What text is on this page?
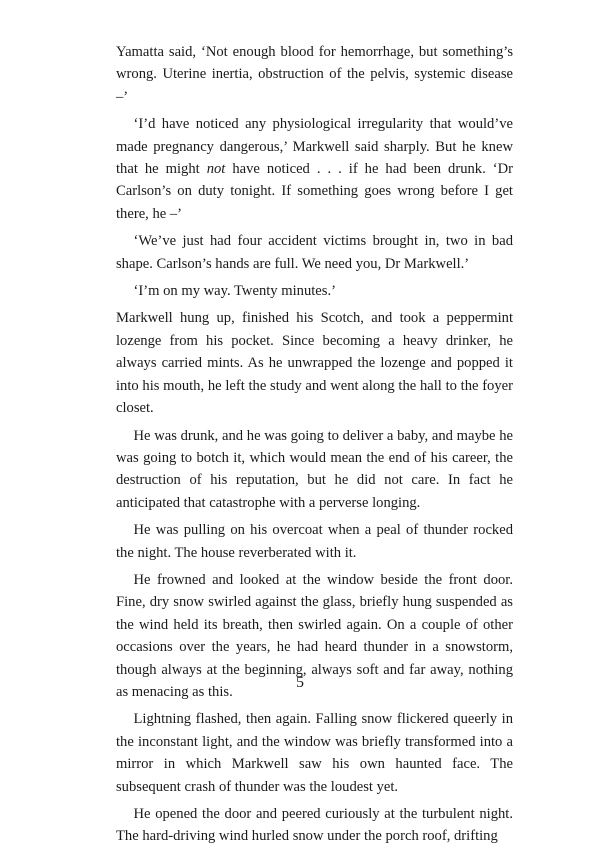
Yamatta said, ‘Not enough blood for hemorrhage, but something’s wrong. Uterine inertia, obstruction of the pelvis, systemic disease –’

‘I’d have noticed any physiological irregularity that would’ve made pregnancy dangerous,’ Markwell said sharply. But he knew that he might not have noticed . . . if he had been drunk. ‘Dr Carlson’s on duty tonight. If something goes wrong before I get there, he –’

‘We’ve just had four accident victims brought in, two in bad shape. Carlson’s hands are full. We need you, Dr Markwell.’

‘I’m on my way. Twenty minutes.’

Markwell hung up, finished his Scotch, and took a peppermint lozenge from his pocket. Since becoming a heavy drinker, he always carried mints. As he unwrapped the lozenge and popped it into his mouth, he left the study and went along the hall to the foyer closet.

He was drunk, and he was going to deliver a baby, and maybe he was going to botch it, which would mean the end of his career, the destruction of his reputation, but he did not care. In fact he anticipated that catastrophe with a perverse longing.

He was pulling on his overcoat when a peal of thunder rocked the night. The house reverberated with it.

He frowned and looked at the window beside the front door. Fine, dry snow swirled against the glass, briefly hung suspended as the wind held its breath, then swirled again. On a couple of other occasions over the years, he had heard thunder in a snowstorm, though always at the beginning, always soft and far away, nothing as menacing as this.

Lightning flashed, then again. Falling snow flickered queerly in the inconstant light, and the window was briefly transformed into a mirror in which Markwell saw his own haunted face. The subsequent crash of thunder was the loudest yet.

He opened the door and peered curiously at the turbulent night. The hard-driving wind hurled snow under the porch roof, drifting

5
